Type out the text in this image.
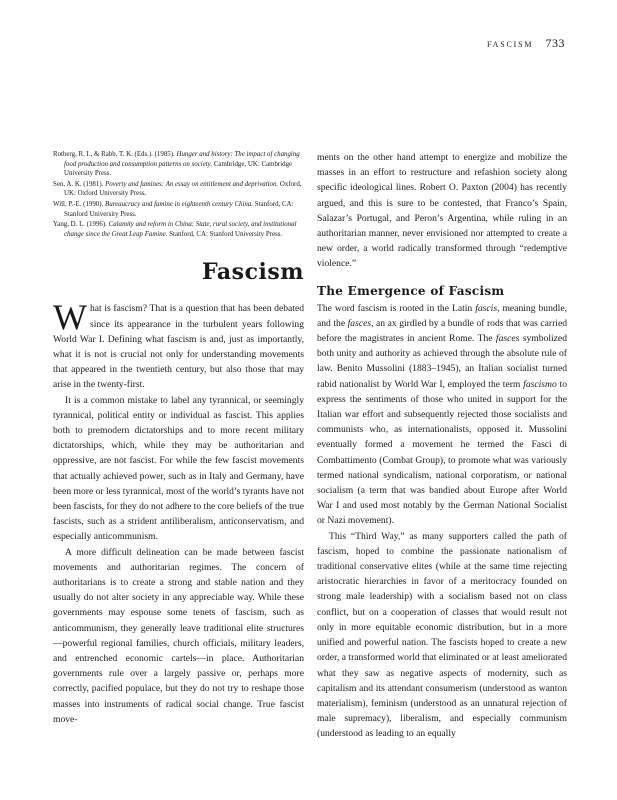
fascism 733
Rotberg, R. I., & Rabb, T. K. (Eds.). (1985). Hunger and history: The impact of changing food production and consumption patterns on society. Cambridge, UK: Cambridge University Press.
Sen, A. K. (1981). Poverty and famines: An essay on entitlement and deprivation. Oxford, UK: Oxford University Press.
Will, P.-E. (1990). Bureaucracy and famine in eighteenth century China. Stanford, CA: Stanford University Press.
Yang, D. L. (1996). Calamity and reform in China: State, rural society, and institutional change since the Great Leap Famine. Stanford, CA: Stanford University Press.
Fascism

What is fascism? That is a question that has been debated since its appearance in the turbulent years following World War I. Defining what fascism is and, just as importantly, what it is not is crucial not only for understanding movements that appeared in the twentieth century, but also those that may arise in the twenty-first.

It is a common mistake to label any tyrannical, or seemingly tyrannical, political entity or individual as fascist. This applies both to premodern dictatorships and to more recent military dictatorships, which, while they may be authoritarian and oppressive, are not fascist. For while the few fascist movements that actually achieved power, such as in Italy and Germany, have been more or less tyrannical, most of the world’s tyrants have not been fascists, for they do not adhere to the core beliefs of the true fascists, such as a strident antiliberalism, anticonservatism, and especially anticommunism.

A more difficult delineation can be made between fascist movements and authoritarian regimes. The concern of authoritarians is to create a strong and stable nation and they usually do not alter society in any appreciable way. While these governments may espouse some tenets of fascism, such as anticommunism, they generally leave traditional elite structures—powerful regional families, church officials, military leaders, and entrenched economic cartels—in place. Authoritarian governments rule over a largely passive or, perhaps more correctly, pacified populace, but they do not try to reshape those masses into instruments of radical social change. True fascist move-

ments on the other hand attempt to energize and mobilize the masses in an effort to restructure and refashion society along specific ideological lines. Robert O. Paxton (2004) has recently argued, and this is sure to be contested, that Franco’s Spain, Salazar’s Portugal, and Peron’s Argentina, while ruling in an authoritarian manner, never envisioned nor attempted to create a new order, a world radically transformed through “redemptive violence.”

The Emergence of Fascism

The word fascism is rooted in the Latin fascis, meaning bundle, and the fasces, an ax girdled by a bundle of rods that was carried before the magistrates in ancient Rome. The fasces symbolized both unity and authority as achieved through the absolute rule of law. Benito Mussolini (1883–1945), an Italian socialist turned rabid nationalist by World War I, employed the term fascismo to express the sentiments of those who united in support for the Italian war effort and subsequently rejected those socialists and communists who, as internationalists, opposed it. Mussolini eventually formed a movement he termed the Fasci di Combattimento (Combat Group), to promote what was variously termed national syndicalism, national corporatism, or national socialism (a term that was bandied about Europe after World War I and used most notably by the German National Socialist or Nazi movement).

This “Third Way,” as many supporters called the path of fascism, hoped to combine the passionate nationalism of traditional conservative elites (while at the same time rejecting aristocratic hierarchies in favor of a meritocracy founded on strong male leadership) with a socialism based not on class conflict, but on a cooperation of classes that would result not only in more equitable economic distribution, but in a more unified and powerful nation. The fascists hoped to create a new order, a transformed world that eliminated or at least ameliorated what they saw as negative aspects of modernity, such as capitalism and its attendant consumerism (understood as wanton materialism), feminism (understood as an unnatural rejection of male supremacy), liberalism, and especially communism (understood as leading to an equally
